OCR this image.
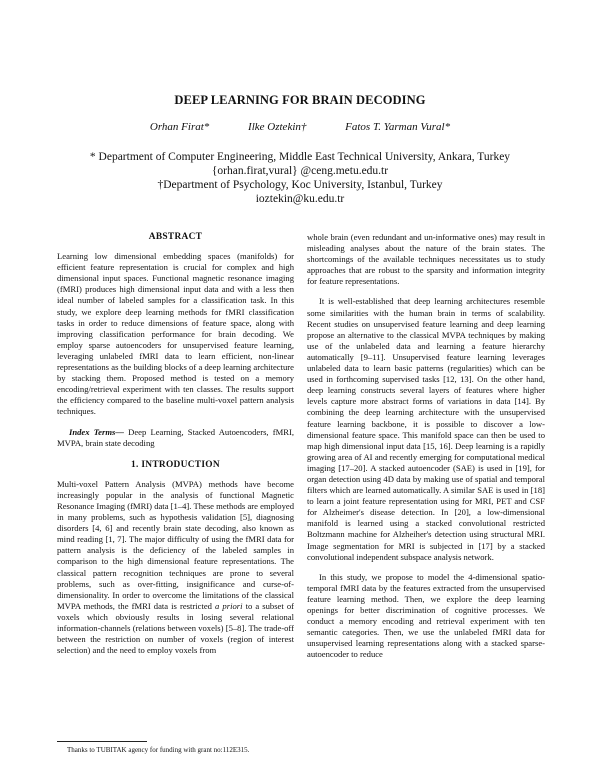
DEEP LEARNING FOR BRAIN DECODING
Orhan Firat*	Ilke Oztekin†	Fatos T. Yarman Vural*
* Department of Computer Engineering, Middle East Technical University, Ankara, Turkey
{orhan.firat,vural} @ceng.metu.edu.tr
†Department of Psychology, Koc University, Istanbul, Turkey
ioztekin@ku.edu.tr
ABSTRACT

Learning low dimensional embedding spaces (manifolds) for efficient feature representation is crucial for complex and high dimensional input spaces. Functional magnetic resonance imaging (fMRI) produces high dimensional input data and with a less then ideal number of labeled samples for a classification task. In this study, we explore deep learning methods for fMRI classification tasks in order to reduce dimensions of feature space, along with improving classification performance for brain decoding. We employ sparse autoencoders for unsupervised feature learning, leveraging unlabeled fMRI data to learn efficient, non-linear representations as the building blocks of a deep learning architecture by stacking them. Proposed method is tested on a memory encoding/retrieval experiment with ten classes. The results support the efficiency compared to the baseline multi-voxel pattern analysis techniques.

Index Terms— Deep Learning, Stacked Autoencoders, fMRI, MVPA, brain state decoding

1. INTRODUCTION

Multi-voxel Pattern Analysis (MVPA) methods have become increasingly popular in the analysis of functional Magnetic Resonance Imaging (fMRI) data [1–4]. These methods are employed in many problems, such as hypothesis validation [5], diagnosing disorders [4, 6] and recently brain state decoding, also known as mind reading [1, 7]. The major difficulty of using the fMRI data for pattern analysis is the deficiency of the labeled samples in comparison to the high dimensional feature representations. The classical pattern recognition techniques are prone to several problems, such as over-fitting, insignificance and curse-of-dimensionality. In order to overcome the limitations of the classical MVPA methods, the fMRI data is restricted a priori to a subset of voxels which obviously results in losing several relational information-channels (relations between voxels) [5–8]. The trade-off between the restriction on number of voxels (region of interest selection) and the need to employ voxels from

whole brain (even redundant and un-informative ones) may result in misleading analyses about the nature of the brain states. The shortcomings of the available techniques necessitates us to study approaches that are robust to the sparsity and information integrity for feature representations.

It is well-established that deep learning architectures resemble some similarities with the human brain in terms of scalability. Recent studies on unsupervised feature learning and deep learning propose an alternative to the classical MVPA techniques by making use of the unlabeled data and learning a feature hierarchy automatically [9–11]. Unsupervised feature learning leverages unlabeled data to learn basic patterns (regularities) which can be used in forthcoming supervised tasks [12, 13]. On the other hand, deep learning constructs several layers of features where higher levels capture more abstract forms of variations in data [14]. By combining the deep learning architecture with the unsupervised feature learning backbone, it is possible to discover a low-dimensional feature space. This manifold space can then be used to map high dimensional input data [15, 16]. Deep learning is a rapidly growing area of AI and recently emerging for computational medical imaging [17–20]. A stacked autoencoder (SAE) is used in [19], for organ detection using 4D data by making use of spatial and temporal filters which are learned automatically. A similar SAE is used in [18] to learn a joint feature representation using for MRI, PET and CSF for Alzheimer's disease detection. In [20], a low-dimensional manifold is learned using a stacked convolutional restricted Boltzmann machine for Alzheiher's detection using structural MRI. Image segmentation for MRI is subjected in [17] by a stacked convolutional independent subspace analysis network.

In this study, we propose to model the 4-dimensional spatio-temporal fMRI data by the features extracted from the unsupervised feature learning method. Then, we explore the deep learning openings for better discrimination of cognitive processes. We conduct a memory encoding and retrieval experiment with ten semantic categories. Then, we use the unlabeled fMRI data for unsupervised learning representations along with a stacked sparse-autoencoder to reduce

Thanks to TUBITAK agency for funding with grant no:112E315.
